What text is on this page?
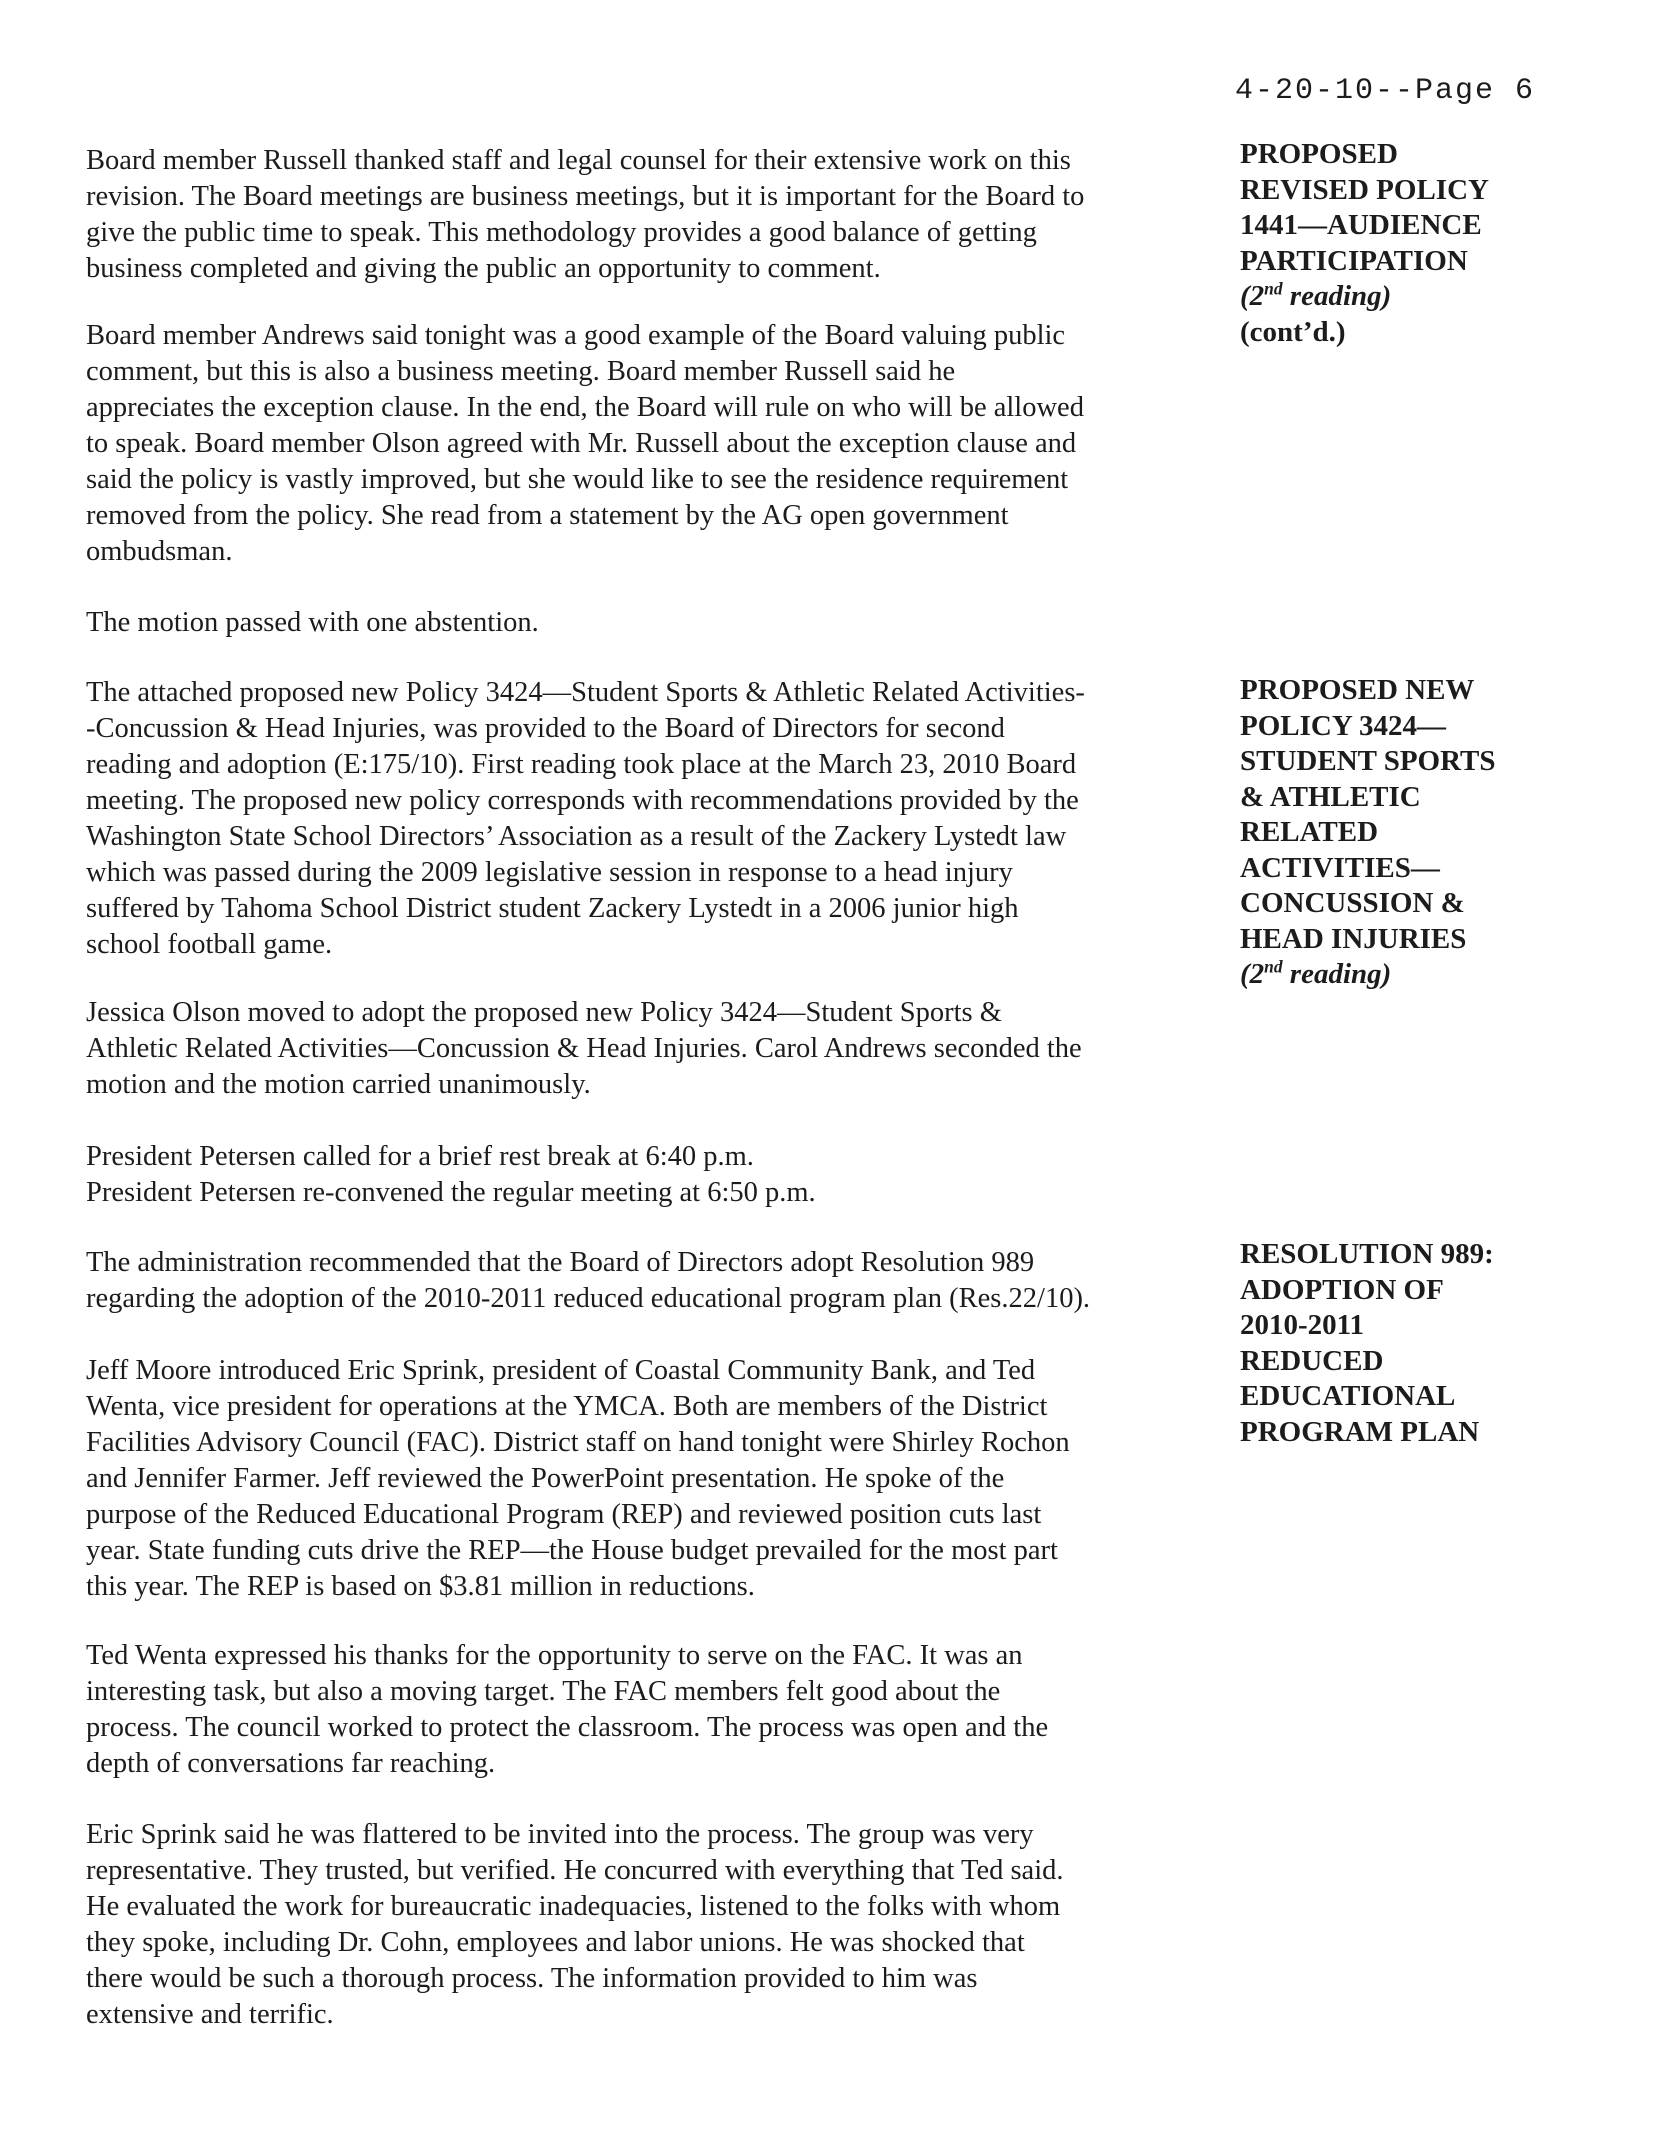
4-20-10--Page 6

Board member Russell thanked staff and legal counsel for their extensive work on this
revision. The Board meetings are business meetings, but it is important for the Board to
give the public time to speak. This methodology provides a good balance of getting
business completed and giving the public an opportunity to comment.

Board member Andrews said tonight was a good example of the Board valuing public
comment, but this is also a business meeting. Board member Russell said he
appreciates the exception clause. In the end, the Board will rule on who will be allowed
to speak. Board member Olson agreed with Mr. Russell about the exception clause and
said the policy is vastly improved, but she would like to see the residence requirement
removed from the policy. She read from a statement by the AG open government
ombudsman.

The motion passed with one abstention.

PROPOSED
REVISED POLICY
1441—AUDIENCE
PARTICIPATION
(2nd reading)
(cont’d.)

The attached proposed new Policy 3424—Student Sports & Athletic Related Activities-
-Concussion & Head Injuries, was provided to the Board of Directors for second
reading and adoption (E:175/10). First reading took place at the March 23, 2010 Board
meeting. The proposed new policy corresponds with recommendations provided by the
Washington State School Directors’ Association as a result of the Zackery Lystedt law
which was passed during the 2009 legislative session in response to a head injury
suffered by Tahoma School District student Zackery Lystedt in a 2006 junior high
school football game.

Jessica Olson moved to adopt the proposed new Policy 3424—Student Sports &
Athletic Related Activities—Concussion & Head Injuries. Carol Andrews seconded the
motion and the motion carried unanimously.

President Petersen called for a brief rest break at 6:40 p.m.
President Petersen re-convened the regular meeting at 6:50 p.m.

PROPOSED NEW
POLICY 3424—
STUDENT SPORTS
& ATHLETIC
RELATED
ACTIVITIES—
CONCUSSION &
HEAD INJURIES
(2nd reading)

The administration recommended that the Board of Directors adopt Resolution 989
regarding the adoption of the 2010-2011 reduced educational program plan (Res.22/10).

Jeff Moore introduced Eric Sprink, president of Coastal Community Bank, and Ted
Wenta, vice president for operations at the YMCA. Both are members of the District
Facilities Advisory Council (FAC). District staff on hand tonight were Shirley Rochon
and Jennifer Farmer. Jeff reviewed the PowerPoint presentation. He spoke of the
purpose of the Reduced Educational Program (REP) and reviewed position cuts last
year. State funding cuts drive the REP—the House budget prevailed for the most part
this year. The REP is based on $3.81 million in reductions.

Ted Wenta expressed his thanks for the opportunity to serve on the FAC. It was an
interesting task, but also a moving target. The FAC members felt good about the
process. The council worked to protect the classroom. The process was open and the
depth of conversations far reaching.

Eric Sprink said he was flattered to be invited into the process. The group was very
representative. They trusted, but verified. He concurred with everything that Ted said.
He evaluated the work for bureaucratic inadequacies, listened to the folks with whom
they spoke, including Dr. Cohn, employees and labor unions. He was shocked that
there would be such a thorough process. The information provided to him was
extensive and terrific.

RESOLUTION 989:
ADOPTION OF
2010-2011
REDUCED
EDUCATIONAL
PROGRAM PLAN
